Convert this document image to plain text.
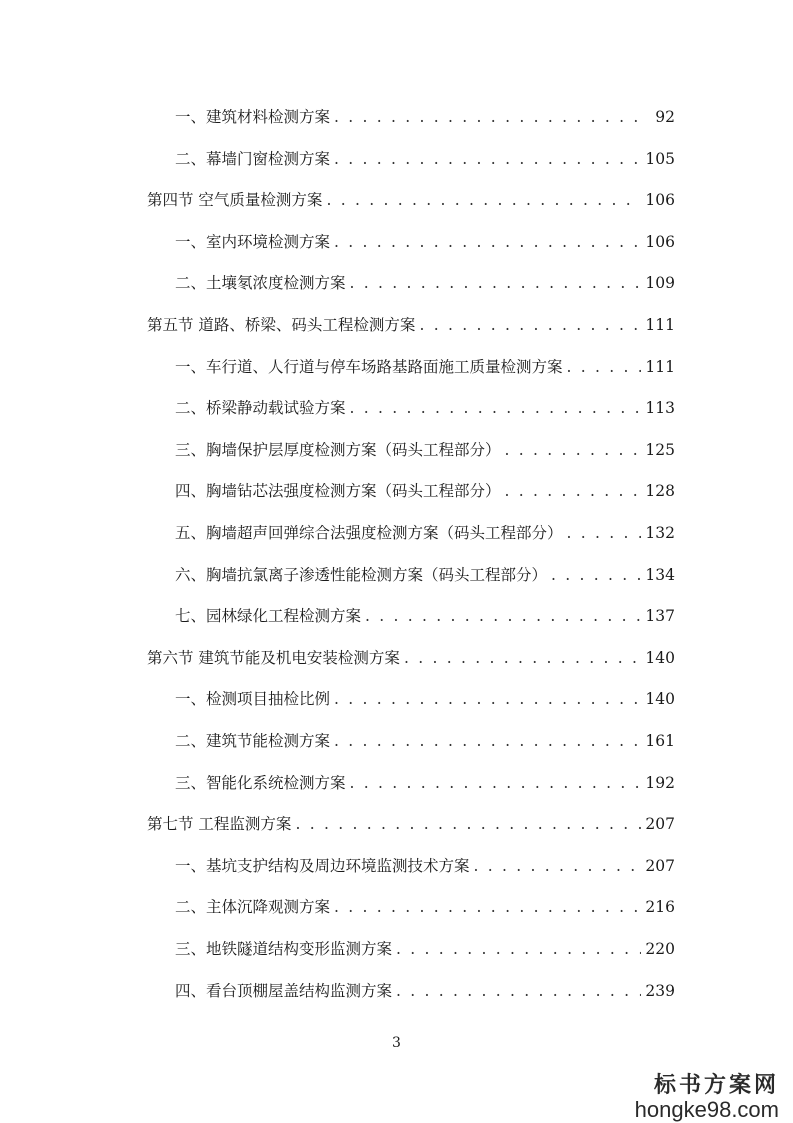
一、建筑材料检测方案 . . .	92
二、幕墙门窗检测方案 . . .	105
第四节 空气质量检测方案 . . .	106
一、室内环境检测方案 . . .	106
二、土壤氡浓度检测方案 . . .	109
第五节 道路、桥梁、码头工程检测方案 . . .	111
一、车行道、人行道与停车场路基路面施工质量检测方案 . . .	111
二、桥梁静动载试验方案 . . .	113
三、胸墙保护层厚度检测方案（码头工程部分） . . .	125
四、胸墙钻芯法强度检测方案（码头工程部分） . . .	128
五、胸墙超声回弹综合法强度检测方案（码头工程部分） . . .	132
六、胸墙抗氯离子渗透性能检测方案（码头工程部分） . . .	134
七、园林绿化工程检测方案 . . .	137
第六节 建筑节能及机电安装检测方案 . . .	140
一、检测项目抽检比例 . . .	140
二、建筑节能检测方案 . . .	161
三、智能化系统检测方案 . . .	192
第七节 工程监测方案 . . .	207
一、基坑支护结构及周边环境监测技术方案 . . .	207
二、主体沉降观测方案 . . .	216
三、地铁隧道结构变形监测方案 . . .	220
四、看台顶棚屋盖结构监测方案 . . .	239
3
标书方案网
hongke98.com
